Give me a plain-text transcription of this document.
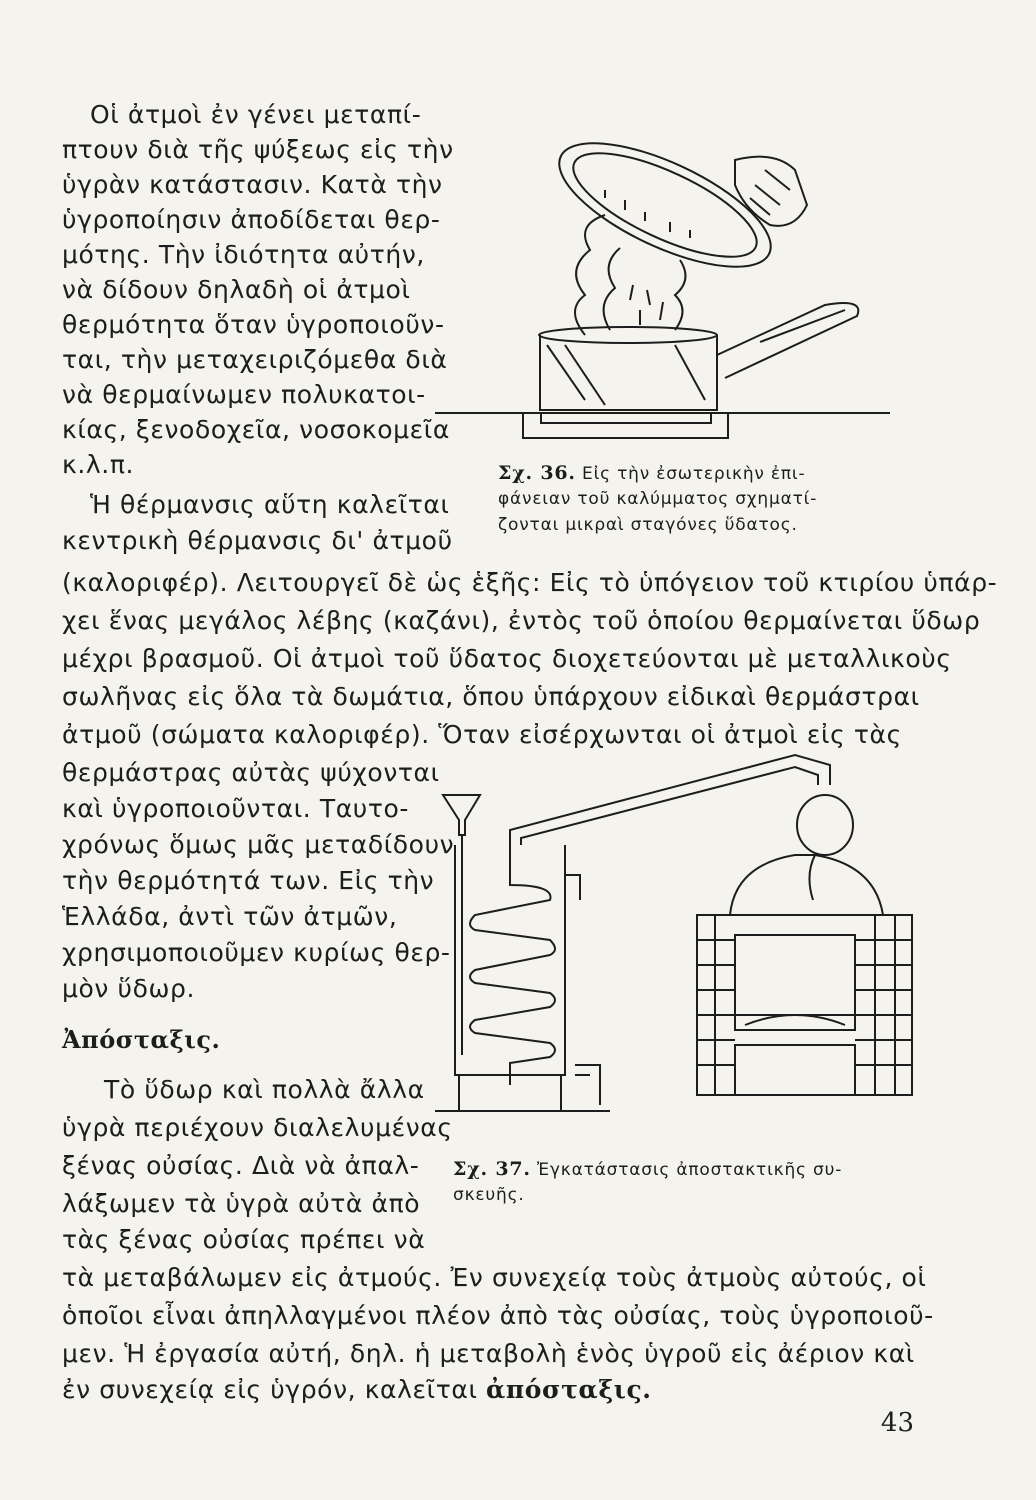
Οἱ ἀτμοὶ ἐν γένει μεταπί-
πτουν διὰ τῆς ψύξεως εἰς τὴν
ὑγρὰν κατάστασιν. Κατὰ τὴν
ὑγροποίησιν ἀποδίδεται θερ-
μότης. Τὴν ἰδιότητα αὐτήν,
νὰ δίδουν δηλαδὴ οἱ ἀτμοὶ
θερμότητα ὅταν ὑγροποιοῦν-
ται, τὴν μεταχειριζόμεθα διὰ
νὰ θερμαίνωμεν πολυκατοι-
κίας, ξενοδοχεῖα, νοσοκομεῖα
κ.λ.π.
Ἡ θέρμανσις αὕτη καλεῖται
κεντρικὴ θέρμανσις δι' ἀτμοῦ
(καλοριφέρ). Λειτουργεῖ δὲ ὡς ἑξῆς: Εἰς τὸ ὑπόγειον τοῦ κτιρίου ὑπάρ-
χει ἕνας μεγάλος λέβης (καζάνι), ἐντὸς τοῦ ὁποίου θερμαίνεται ὕδωρ
μέχρι βρασμοῦ. Οἱ ἀτμοὶ τοῦ ὕδατος διοχετεύονται μὲ μεταλλικοὺς
σωλῆνας εἰς ὅλα τὰ δωμάτια, ὅπου ὑπάρχουν εἰδικαὶ θερμάστραι
ἀτμοῦ (σώματα καλοριφέρ). Ὅταν εἰσέρχωνται οἱ ἀτμοὶ εἰς τὰς
θερμάστρας αὐτὰς ψύχονται
καὶ ὑγροποιοῦνται. Ταυτο-
χρόνως ὅμως μᾶς μεταδίδουν
τὴν θερμότητά των. Εἰς τὴν
Ἑλλάδα, ἀντὶ τῶν ἀτμῶν,
χρησιμοποιοῦμεν κυρίως θερ-
μὸν ὕδωρ.
Ἀπόσταξις.
Τὸ ὕδωρ καὶ πολλὰ ἄλλα
ὑγρὰ περιέχουν διαλελυμένας
ξένας οὐσίας. Διὰ νὰ ἀπαλ-
λάξωμεν τὰ ὑγρὰ αὐτὰ ἀπὸ
τὰς ξένας οὐσίας πρέπει νὰ
τὰ μεταβάλωμεν εἰς ἀτμούς. Ἐν συνεχείᾳ τοὺς ἀτμοὺς αὐτούς, οἱ
ὁποῖοι εἶναι ἀπηλλαγμένοι πλέον ἀπὸ τὰς οὐσίας, τοὺς ὑγροποιοῦ-
μεν. Ἡ ἐργασία αὐτή, δηλ. ἡ μεταβολὴ ἑνὸς ὑγροῦ εἰς ἀέριον καὶ
ἐν συνεχείᾳ εἰς ὑγρόν, καλεῖται ἀπόσταξις.
Σχ. 36. Εἰς τὴν ἐσωτερικὴν ἐπι-
φάνειαν τοῦ καλύμματος σχηματί-
ζονται μικραὶ σταγόνες ὕδατος.
Σχ. 37. Ἐγκατάστασις ἀποστακτικῆς συ-
σκευῆς.
43
